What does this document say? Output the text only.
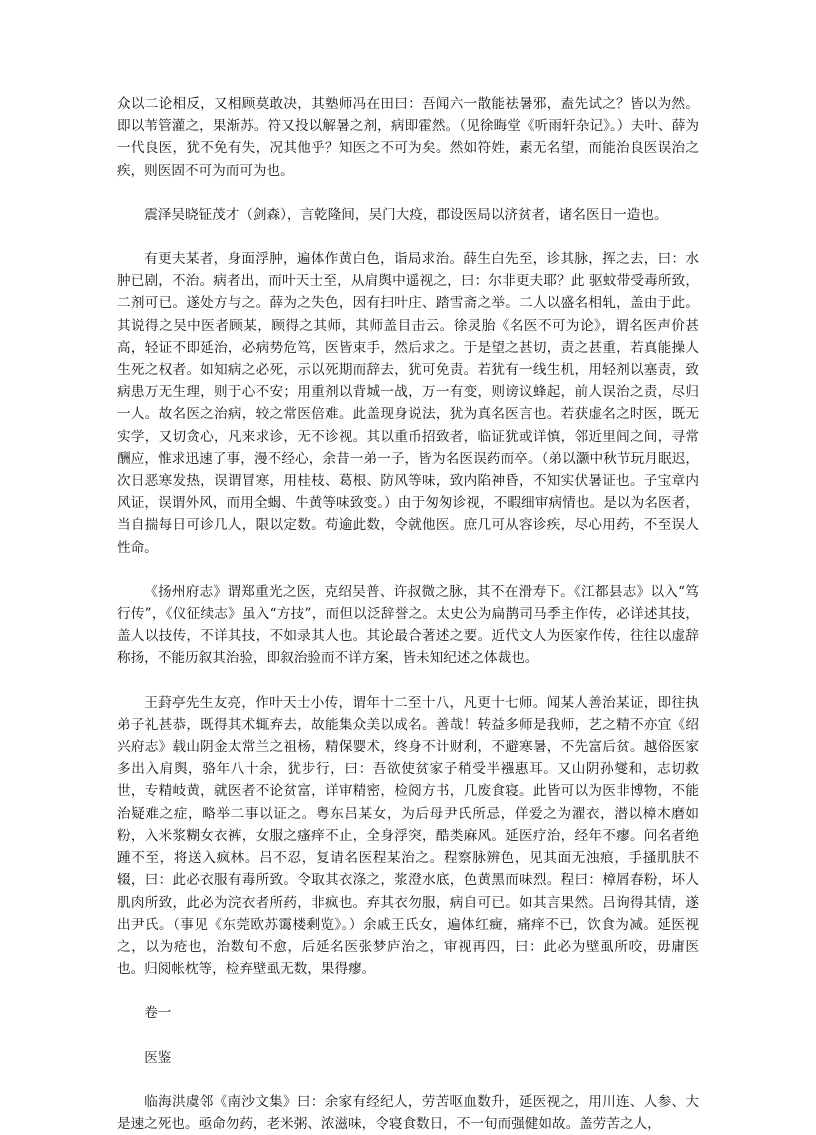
众以二论相反，又相顾莫敢决，其塾师冯在田曰：吾闻六一散能祛暑邪，盍先试之？皆以为然。即以苇管灌之，果渐苏。符又投以解暑之剂，病即霍然。（见徐晦堂《听雨轩杂记》。）夫叶、薛为一代良医，犹不免有失，况其他乎？知医之不可为矣。然如符姓，素无名望，而能治良医误治之疾，则医固不可为而可为也。

震泽吴晓钲茂才（剑森），言乾隆间，吴门大疫，郡设医局以济贫者，诸名医日一造也。

有更夫某者，身面浮肿，遍体作黄白色，诣局求治。薛生白先至，诊其脉，挥之去，曰：水肿已剧，不治。病者出，而叶天士至，从肩舆中遥视之，曰：尔非更夫耶？此 驱蚊带受毒所致，二剂可已。遂处方与之。薛为之失色，因有扫叶庄、踏雪斋之举。二人以盛名相轧，盖由于此。其说得之吴中医者顾某，顾得之其师，其师盖目击云。徐灵胎《名医不可为论》，谓名医声价甚高，轻证不即延治，必病势危笃，医皆束手，然后求之。于是望之甚切，责之甚重，若真能操人生死之权者。如知病之必死，示以死期而辞去，犹可免责。若犹有一线生机，用轻剂以塞责，致病患万无生理，则于心不安；用重剂以背城一战，万一有变，则谤议蜂起，前人误治之责，尽归一人。故名医之治病，较之常医倍难。此盖现身说法，犹为真名医言也。若获虚名之时医，既无实学，又切贪心，凡来求诊，无不诊视。其以重币招致者，临证犹或详慎，邻近里闾之间，寻常酬应，惟求迅速了事，漫不经心，余昔一弟一子，皆为名医误药而卒。（弟以灏中秋节玩月眠迟，次日恶寒发热，误谓冒寒，用桂枝、葛根、防风等味，致内陷神昏，不知实伏暑证也。子宝章内风证，误谓外风，而用全蝎、牛黄等味致变。）由于匆匆诊视，不暇细审病情也。是以为名医者，当自揣每日可诊几人，限以定数。苟逾此数，令就他医。庶几可从容诊疾，尽心用药，不至误人性命。

《扬州府志》谓郑重光之医，克绍吴普、许叔微之脉，其不在滑寿下。《江都县志》以入“笃行传”，《仪征续志》虽入“方技”，而但以泛辞誉之。太史公为扁鹊司马季主作传，必详述其技，盖人以技传，不详其技，不如录其人也。其论最合著述之要。近代文人为医家作传，往往以虚辞称扬，不能历叙其治验，即叙治验而不详方案，皆未知纪述之体裁也。

王葑亭先生友亮，作叶天士小传，谓年十二至十八，凡更十七师。闻某人善治某证，即往执弟子礼甚恭，既得其术辄弃去，故能集众美以成名。善哉！转益多师是我师，艺之精不亦宜《绍兴府志》载山阴金太常兰之祖杨，精保婴术，终身不计财利，不避寒暑，不先富后贫。越俗医家多出入肩舆，骆年八十余，犹步行，曰：吾欲使贫家子稍受半襁惠耳。又山阴孙燮和，志切救世，专精岐黄，就医者不论贫富，详审精密，检阅方书，几废食寝。此皆可以为医非博物，不能治疑难之症，略举二事以证之。粤东吕某女，为后母尹氏所忌，佯爱之为濯衣，潜以樟木磨如粉，入米浆糊女衣裤，女服之瘙痒不止，全身浮突，酷类麻风。延医疗治，经年不瘳。问名者绝踵不至，将送入疯林。吕不忍，复请名医程某治之。程察脉辨色，见其面无浊痕，手搔肌肤不辍，曰：此必衣服有毒所致。令取其衣涤之，浆澄水底，色黄黑而味烈。程曰：樟屑春粉，坏人肌肉所致，此必为浣衣者所药，非疯也。弃其衣勿服，病自可已。如其言果然。吕询得其情，遂出尹氏。（事见《东莞欧苏霭楼剩览》。）余戚王氏女，遍体红癍，痛痒不已，饮食为减。延医视之，以为疮也，治数旬不愈，后延名医张梦庐治之，审视再四，曰：此必为壁虱所咬，毋庸医也。归阅帐枕等，检弃壁虱无数，果得瘳。

卷一

医鉴

临海洪虞邻《南沙文集》曰：余家有经纪人，劳苦呕血数升，延医视之，用川连、人参、大是速之死也。亟命勿药，老米粥、浓滋味，令寝食数日，不一旬而强健如故。盖劳苦之人，
